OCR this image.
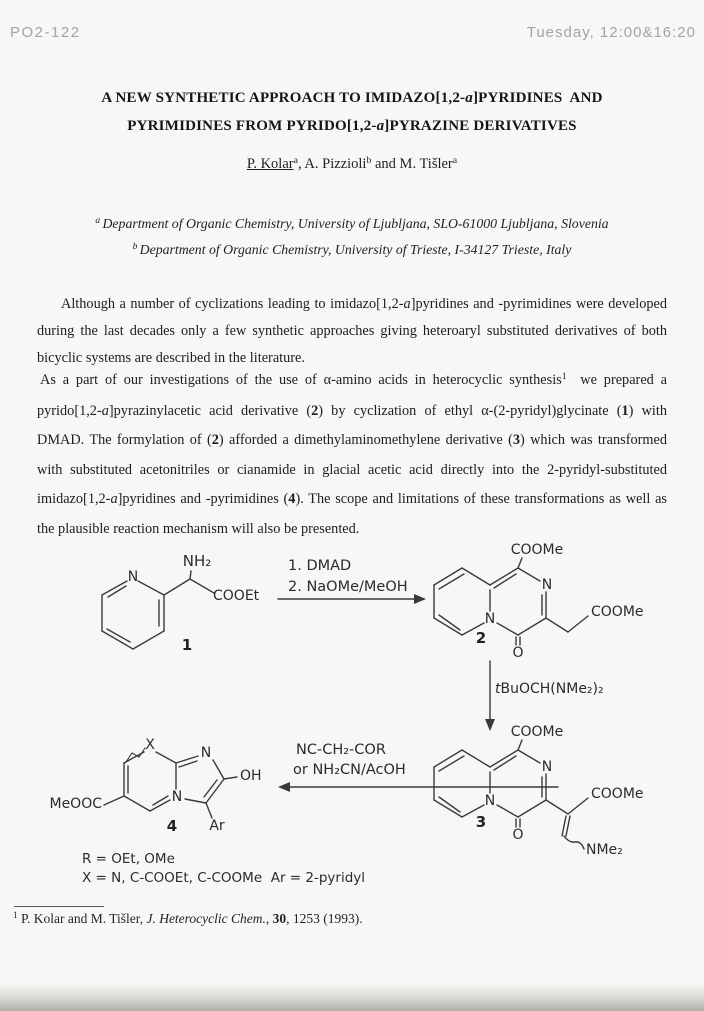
PO2-122	Tuesday, 12:00&16:20
A NEW SYNTHETIC APPROACH TO IMIDAZO[1,2-a]PYRIDINES  AND
PYRIMIDINES FROM PYRIDO[1,2-a]PYRAZINE DERIVATIVES
P. Kolar$^a$, A. Pizzioli$^b$ and M. Tišler$^a$
$^a$ Department of Organic Chemistry, University of Ljubljana, SLO-61000 Ljubljana, Slovenia
$^b$ Department of Organic Chemistry, University of Trieste, I-34127 Trieste, Italy
Although a number of cyclizations leading to imidazo[1,2-a]pyridines and -pyrimidines were developed during the last decades only a few synthetic approaches giving heteroaryl substituted derivatives of both bicyclic systems are described in the literature.
As a part of our investigations of the use of α-amino acids in heterocyclic synthesis$^1$  we prepared a pyrido[1,2-a]pyrazinylacetic acid derivative (2) by cyclization of ethyl α-(2-pyridyl)glycinate (1) with DMAD. The formylation of (2) afforded a dimethylaminomethylene derivative (3) which was transformed with substituted acetonitriles or cianamide in glacial acetic acid directly into the 2-pyridyl-substituted imidazo[1,2-a]pyridines and -pyrimidines (4). The scope and limitations of these transformations as well as the plausible reaction mechanism will also be presented.
NH₂
N
COOEt
1
1. DMAD
2. NaOMe/MeOH
COOMe
N
N	COOMe
O
2
tBuOCH(NMe₂)₂
COOMe
N
N	COOMe
NMe₂
O
3
NC-CH₂-COR
or NH₂CN/AcOH
X	N
N
OH
Ar
MeOOC
4
R = OEt, OMe
X = N, C-COOEt, C-COOMe  Ar = 2-pyridyl
$^1$ P. Kolar and M. Tišler, J. Heterocyclic Chem., 30, 1253 (1993).
